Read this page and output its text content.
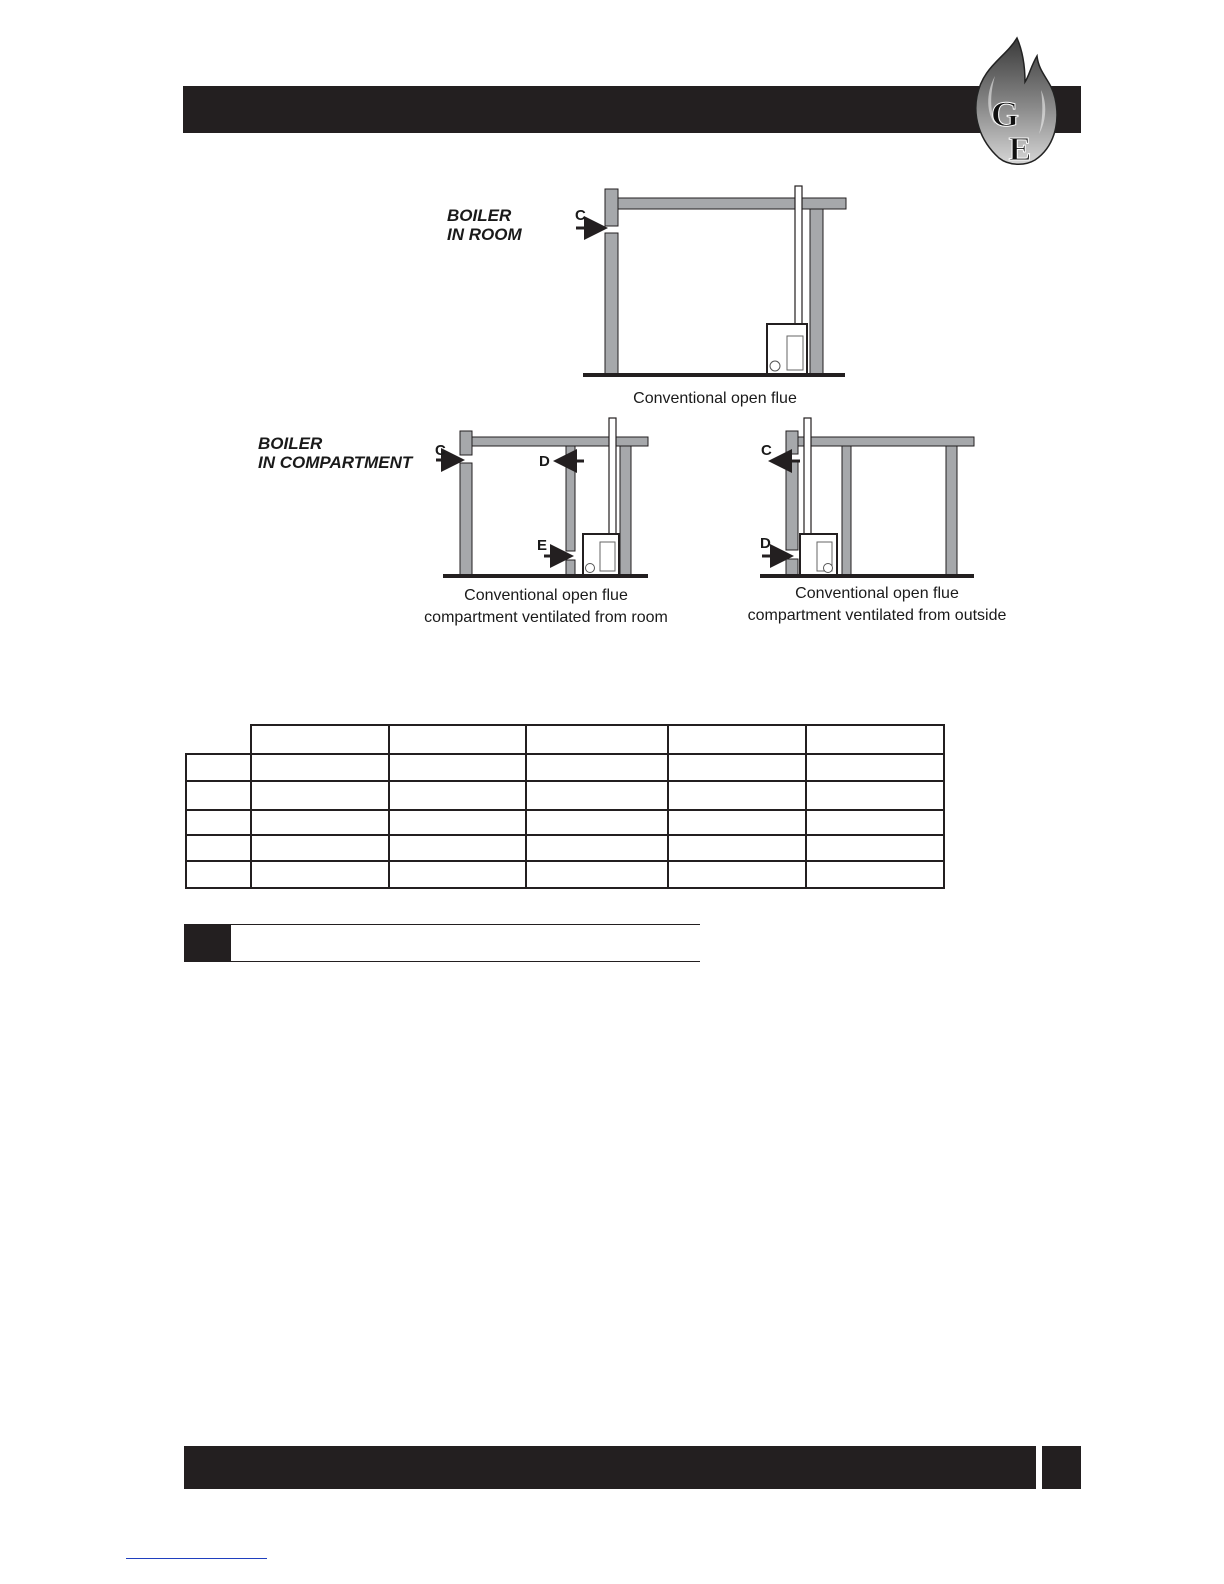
G
E
BOILER
IN ROOM
C
Conventional open flue
BOILER
IN COMPARTMENT
C
D
E
Conventional open flue
compartment ventilated from room
C
D
Conventional open flue
compartment ventilated from outside
